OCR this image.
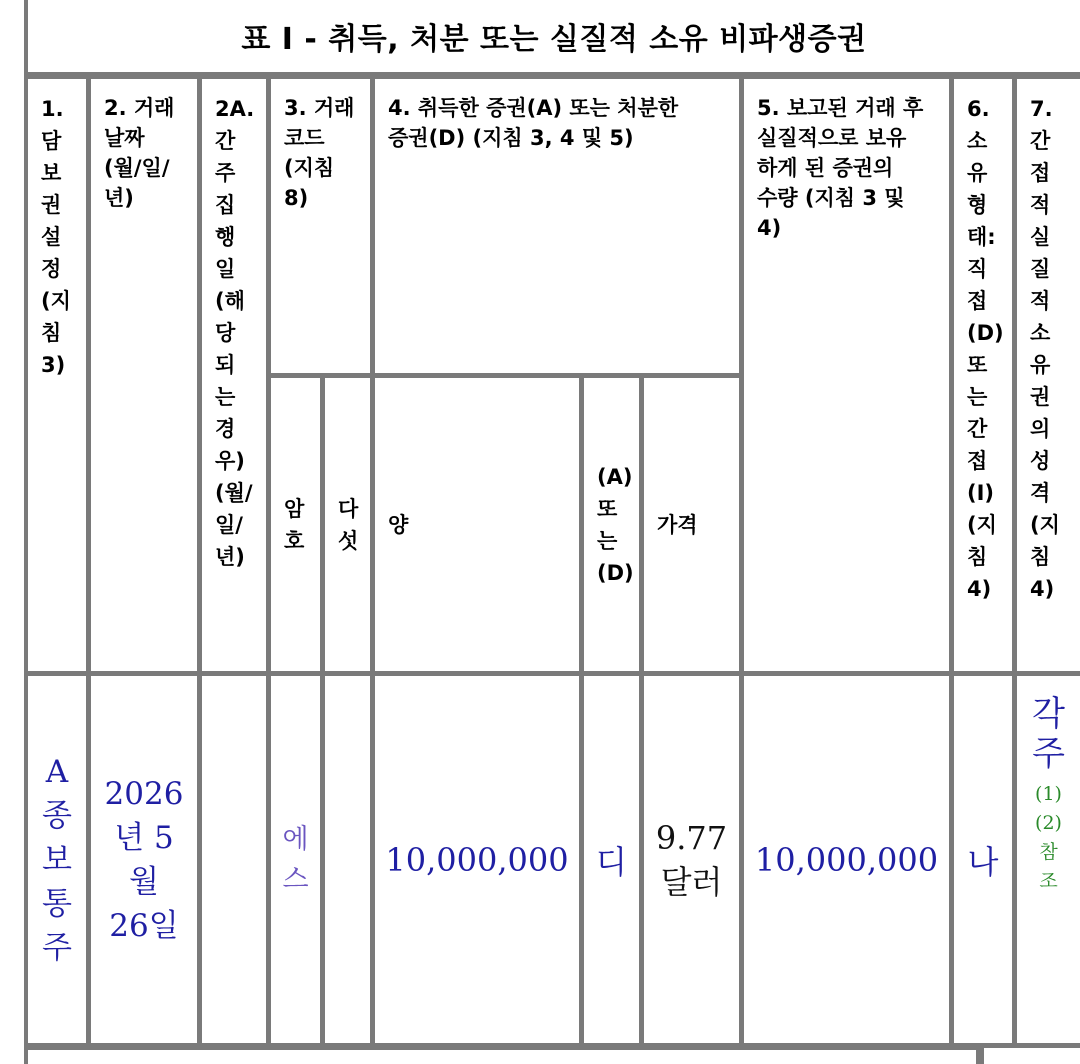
표 I - 취득, 처분 또는 실질적 소유 비파생증권
1.
담
보
권
설
정
(지
침
3)
2. 거래
날짜
(월/일/
년)
2A.
간
주
집
행
일
(해
당
되
는
경
우)
(월/
일/
년)
3. 거래
코드
(지침
8)
4. 취득한 증권(A) 또는 처분한
증권(D) (지침 3, 4 및 5)
5. 보고된 거래 후
실질적으로 보유
하게 된 증권의
수량 (지침 3 및
4)
6.
소
유
형
태:
직
접
(D)
또
는
간
접
(I)
(지
침
4)
7.
간
접
적
실
질
적
소
유
권
의
성
격
(지
침
4)
암
호
다
섯
양
(A)
또
는
(D)
가격
A
종
보
통
주
2026
년 5
월
26일
에
스
10,000,000 디
9.77
달러
10,000,000 나
각
주
(1)
(2)
참
조
